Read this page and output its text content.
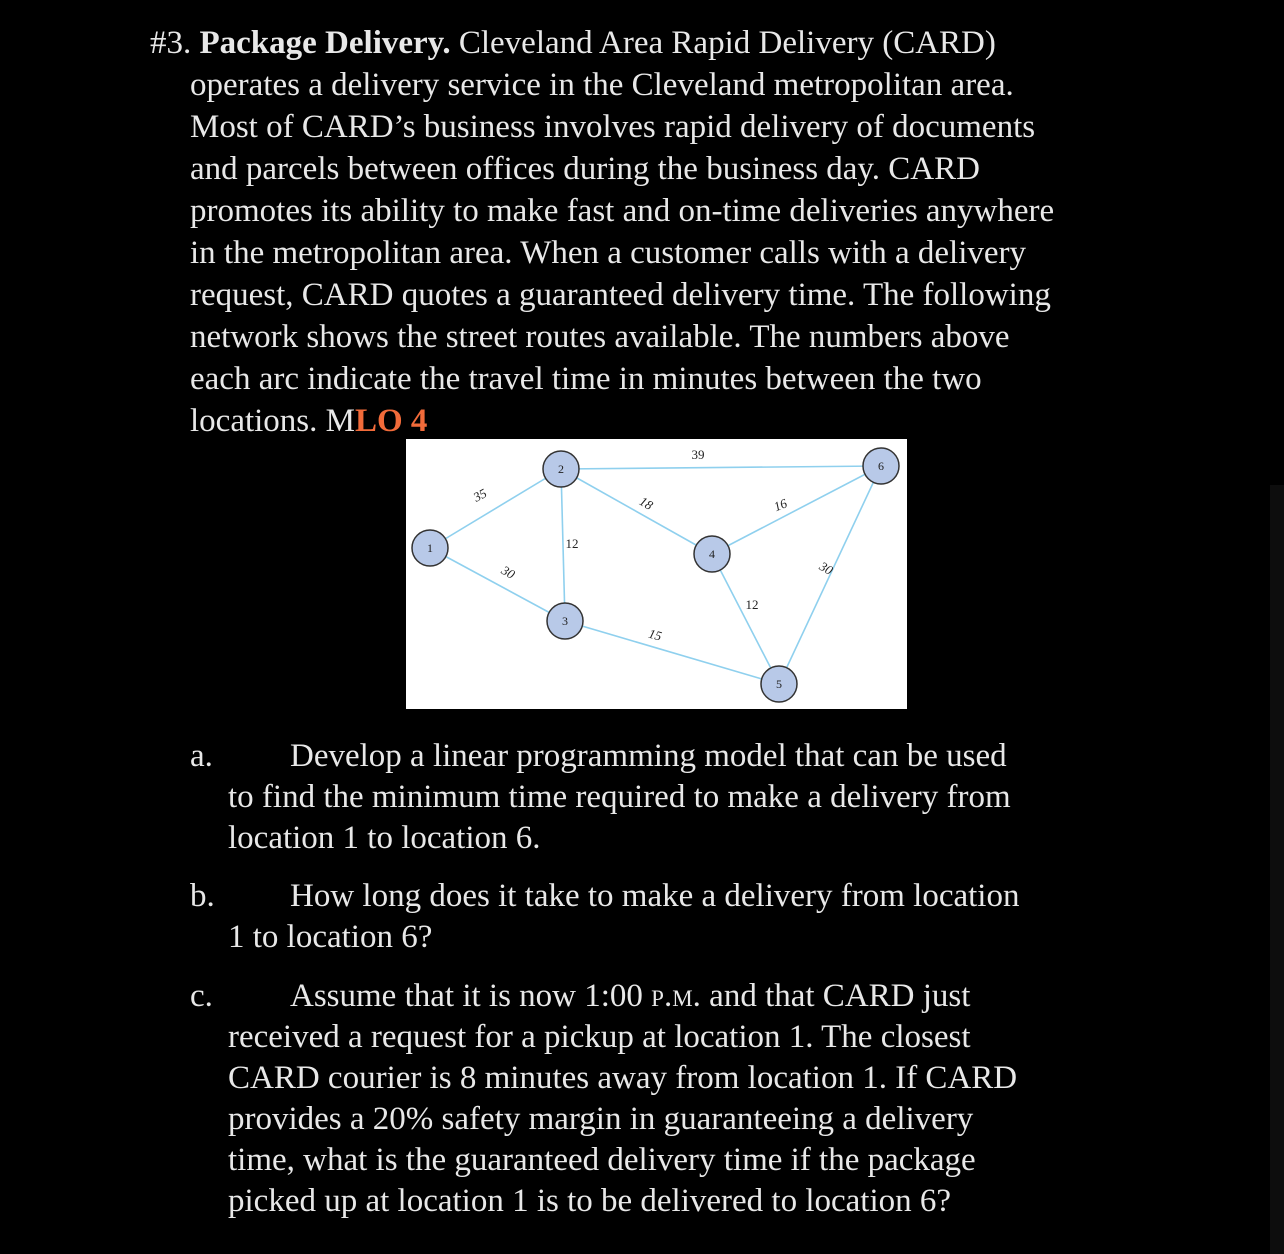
#3. Package Delivery. Cleveland Area Rapid Delivery (CARD)
operates a delivery service in the Cleveland metropolitan area.
Most of CARD’s business involves rapid delivery of documents
and parcels between offices during the business day. CARD
promotes its ability to make fast and on-time deliveries anywhere
in the metropolitan area. When a customer calls with a delivery
request, CARD quotes a guaranteed delivery time. The following
network shows the street routes available. The numbers above
each arc indicate the travel time in minutes between the two
locations. MLO 4
35
30
12
18
39
15
12
16
30
1
2
3
4
5
6
a.	Develop a linear programming model that can be used
to find the minimum time required to make a delivery from
location 1 to location 6.
b.	How long does it take to make a delivery from location
1 to location 6?
c.	Assume that it is now 1:00 p.m. and that CARD just
received a request for a pickup at location 1. The closest
CARD courier is 8 minutes away from location 1. If CARD
provides a 20% safety margin in guaranteeing a delivery
time, what is the guaranteed delivery time if the package
picked up at location 1 is to be delivered to location 6?
